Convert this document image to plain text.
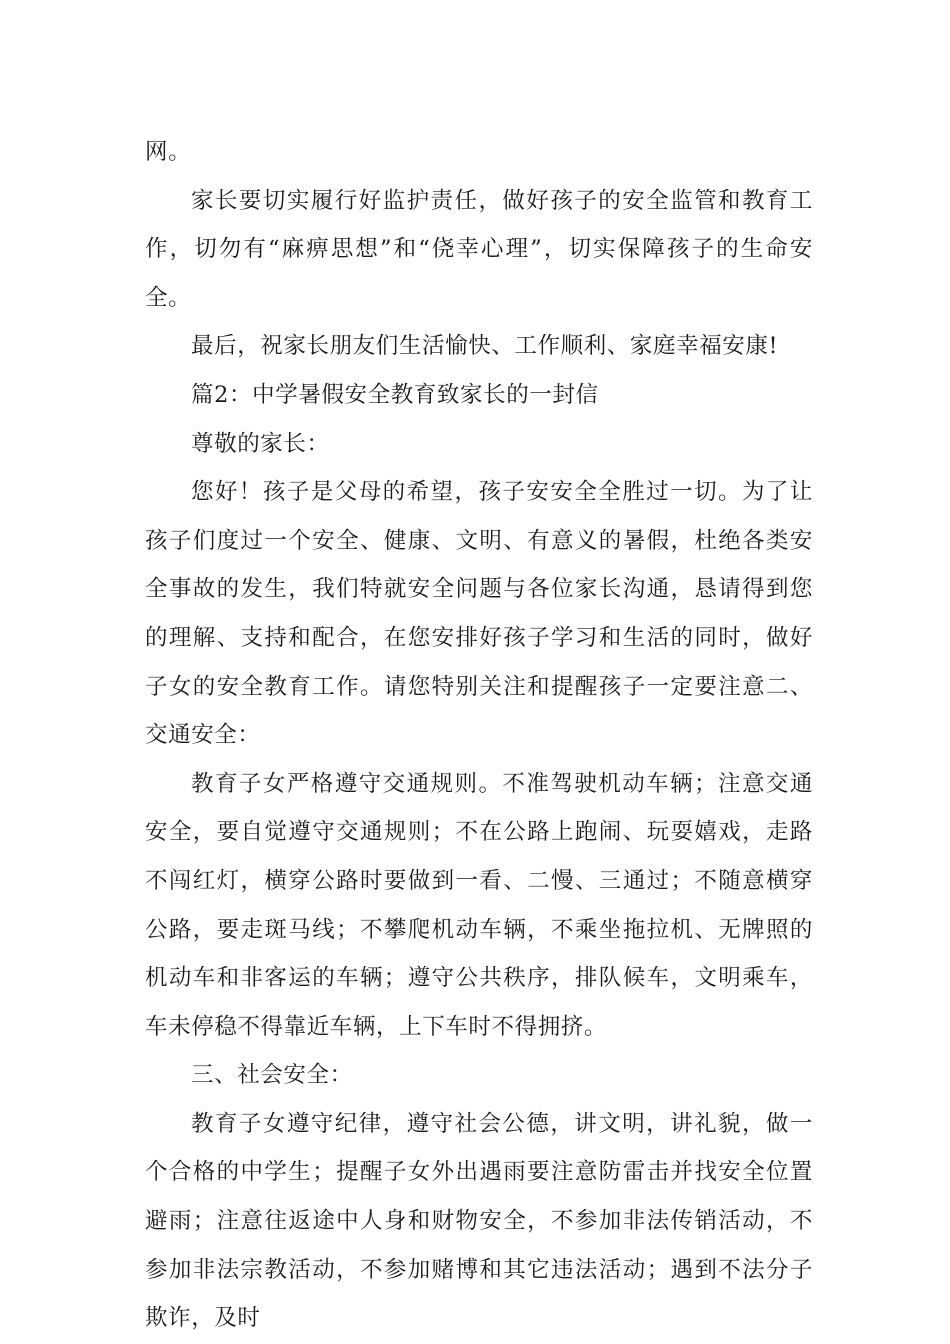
网。

家长要切实履行好监护责任，做好孩子的安全监管和教育工作，切勿有“麻痹思想”和“侥幸心理”，切实保障孩子的生命安全。

最后，祝家长朋友们生活愉快、工作顺利、家庭幸福安康!

篇2：中学暑假安全教育致家长的一封信

尊敬的家长：

您好！孩子是父母的希望，孩子安安全全胜过一切。为了让孩子们度过一个安全、健康、文明、有意义的暑假，杜绝各类安全事故的发生，我们特就安全问题与各位家长沟通，恳请得到您的理解、支持和配合，在您安排好孩子学习和生活的同时，做好子女的安全教育工作。请您特别关注和提醒孩子一定要注意二、交通安全：

教育子女严格遵守交通规则。不准驾驶机动车辆；注意交通安全，要自觉遵守交通规则；不在公路上跑闹、玩耍嬉戏，走路不闯红灯，横穿公路时要做到一看、二慢、三通过；不随意横穿公路，要走斑马线；不攀爬机动车辆，不乘坐拖拉机、无牌照的机动车和非客运的车辆；遵守公共秩序，排队候车，文明乘车，车未停稳不得靠近车辆，上下车时不得拥挤。

三、社会安全：

教育子女遵守纪律，遵守社会公德，讲文明，讲礼貌，做一个合格的中学生；提醒子女外出遇雨要注意防雷击并找安全位置避雨；注意往返途中人身和财物安全，不参加非法传销活动，不参加非法宗教活动，不参加赌博和其它违法活动；遇到不法分子欺诈，及时
